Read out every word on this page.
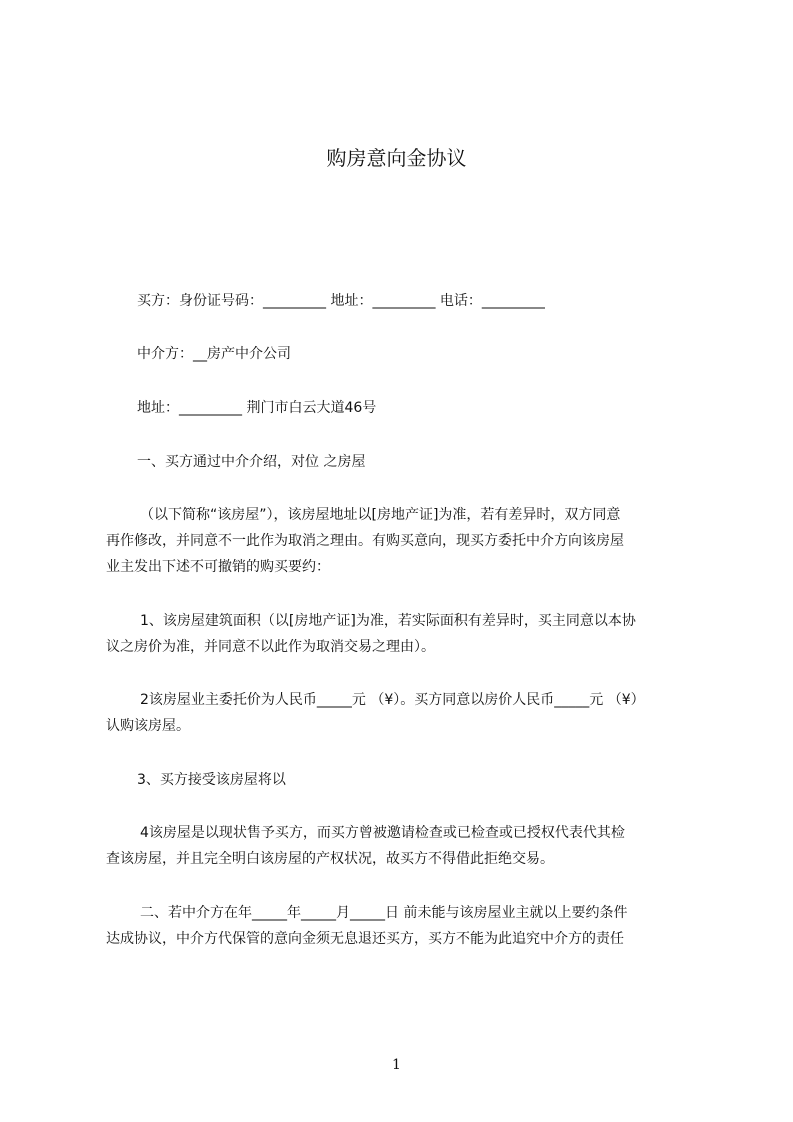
购房意向金协议
买方：身份证号码：_________ 地址：_________ 电话：_________
中介方：__房产中介公司
地址：_________ 荆门市白云大道46号
一、买方通过中介介绍，对位 之房屋
（以下简称“该房屋”），该房屋地址以[房地产证]为准，若有差异时，双方同意
再作修改，并同意不一此作为取消之理由。有购买意向，现买方委托中介方向该房屋
业主发出下述不可撤销的购买要约：
1、该房屋建筑面积（以[房地产证]为准，若实际面积有差异时，买主同意以本协
议之房价为准，并同意不以此作为取消交易之理由）。
2该房屋业主委托价为人民币_____元 （¥）。买方同意以房价人民币_____元 （¥）
认购该房屋。
3、买方接受该房屋将以
4该房屋是以现状售予买方，而买方曾被邀请检查或已检查或已授权代表代其检
查该房屋，并且完全明白该房屋的产权状况，故买方不得借此拒绝交易。
二、若中介方在年_____年_____月_____日 前未能与该房屋业主就以上要约条件
达成协议，中介方代保管的意向金须无息退还买方，买方不能为此追究中介方的责任
1
